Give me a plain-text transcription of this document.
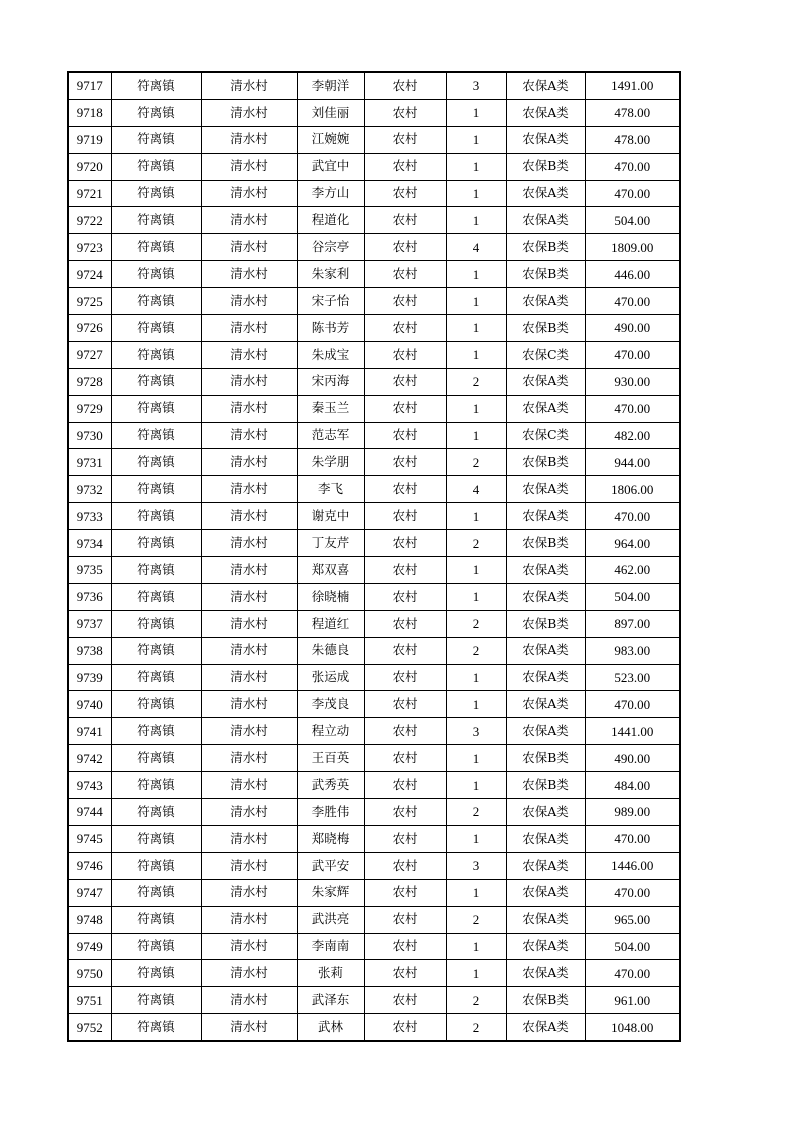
9717	符离镇	清水村	李朝洋	农村	3	农保A类	1491.00
9718	符离镇	清水村	刘佳丽	农村	1	农保A类	478.00
9719	符离镇	清水村	江婉婉	农村	1	农保A类	478.00
9720	符离镇	清水村	武宜中	农村	1	农保B类	470.00
9721	符离镇	清水村	李方山	农村	1	农保A类	470.00
9722	符离镇	清水村	程道化	农村	1	农保A类	504.00
9723	符离镇	清水村	谷宗亭	农村	4	农保B类	1809.00
9724	符离镇	清水村	朱家利	农村	1	农保B类	446.00
9725	符离镇	清水村	宋子怡	农村	1	农保A类	470.00
9726	符离镇	清水村	陈书芳	农村	1	农保B类	490.00
9727	符离镇	清水村	朱成宝	农村	1	农保C类	470.00
9728	符离镇	清水村	宋丙海	农村	2	农保A类	930.00
9729	符离镇	清水村	秦玉兰	农村	1	农保A类	470.00
9730	符离镇	清水村	范志军	农村	1	农保C类	482.00
9731	符离镇	清水村	朱学朋	农村	2	农保B类	944.00
9732	符离镇	清水村	李飞	农村	4	农保A类	1806.00
9733	符离镇	清水村	谢克中	农村	1	农保A类	470.00
9734	符离镇	清水村	丁友芹	农村	2	农保B类	964.00
9735	符离镇	清水村	郑双喜	农村	1	农保A类	462.00
9736	符离镇	清水村	徐晓楠	农村	1	农保A类	504.00
9737	符离镇	清水村	程道红	农村	2	农保B类	897.00
9738	符离镇	清水村	朱德良	农村	2	农保A类	983.00
9739	符离镇	清水村	张运成	农村	1	农保A类	523.00
9740	符离镇	清水村	李茂良	农村	1	农保A类	470.00
9741	符离镇	清水村	程立动	农村	3	农保A类	1441.00
9742	符离镇	清水村	王百英	农村	1	农保B类	490.00
9743	符离镇	清水村	武秀英	农村	1	农保B类	484.00
9744	符离镇	清水村	李胜伟	农村	2	农保A类	989.00
9745	符离镇	清水村	郑晓梅	农村	1	农保A类	470.00
9746	符离镇	清水村	武平安	农村	3	农保A类	1446.00
9747	符离镇	清水村	朱家辉	农村	1	农保A类	470.00
9748	符离镇	清水村	武洪亮	农村	2	农保A类	965.00
9749	符离镇	清水村	李南南	农村	1	农保A类	504.00
9750	符离镇	清水村	张莉	农村	1	农保A类	470.00
9751	符离镇	清水村	武泽东	农村	2	农保B类	961.00
9752	符离镇	清水村	武林	农村	2	农保A类	1048.00
